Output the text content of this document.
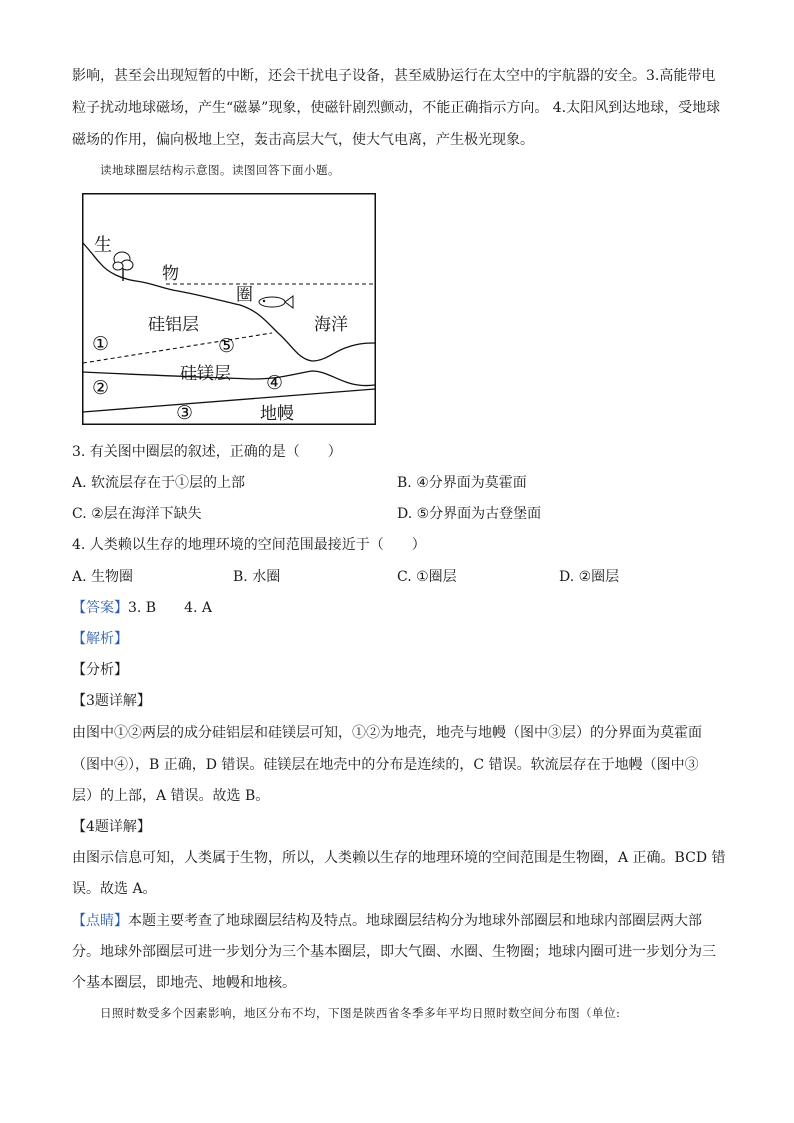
影响，甚至会出现短暂的中断，还会干扰电子设备，甚至威胁运行在太空中的宇航器的安全。3.高能带电
粒子扰动地球磁场，产生“磁暴”现象，使磁针剧烈颤动，不能正确指示方向。 4.太阳风到达地球，受地球
磁场的作用，偏向极地上空，轰击高层大气，使大气电离，产生极光现象。
读地球圈层结构示意图。读图回答下面小题。
生
物
圈
海洋
硅铝层
硅镁层
地幔
①	⑤
②	④
③
3. 有关图中圈层的叙述，正确的是（　　）
A. 软流层存在于①层的上部	B. ④分界面为莫霍面
C. ②层在海洋下缺失	D. ⑤分界面为古登堡面
4. 人类赖以生存的地理环境的空间范围最接近于（　　）
A. 生物圈	B. 水圈	C. ①圈层	D. ②圈层
【答案】3. B　　4. A
【解析】
【分析】
【3题详解】
由图中①②两层的成分硅铝层和硅镁层可知，①②为地壳，地壳与地幔（图中③层）的分界面为莫霍面
（图中④），B 正确，D 错误。硅镁层在地壳中的分布是连续的，C 错误。软流层存在于地幔（图中③
层）的上部，A 错误。故选 B。
【4题详解】
由图示信息可知，人类属于生物，所以，人类赖以生存的地理环境的空间范围是生物圈，A 正确。BCD 错
误。故选 A。
【点睛】本题主要考查了地球圈层结构及特点。地球圈层结构分为地球外部圈层和地球内部圈层两大部
分。地球外部圈层可进一步划分为三个基本圈层，即大气圈、水圈、生物圈；地球内圈可进一步划分为三
个基本圈层，即地壳、地幔和地核。
日照时数受多个因素影响，地区分布不均，下图是陕西省冬季多年平均日照时数空间分布图（单位:
